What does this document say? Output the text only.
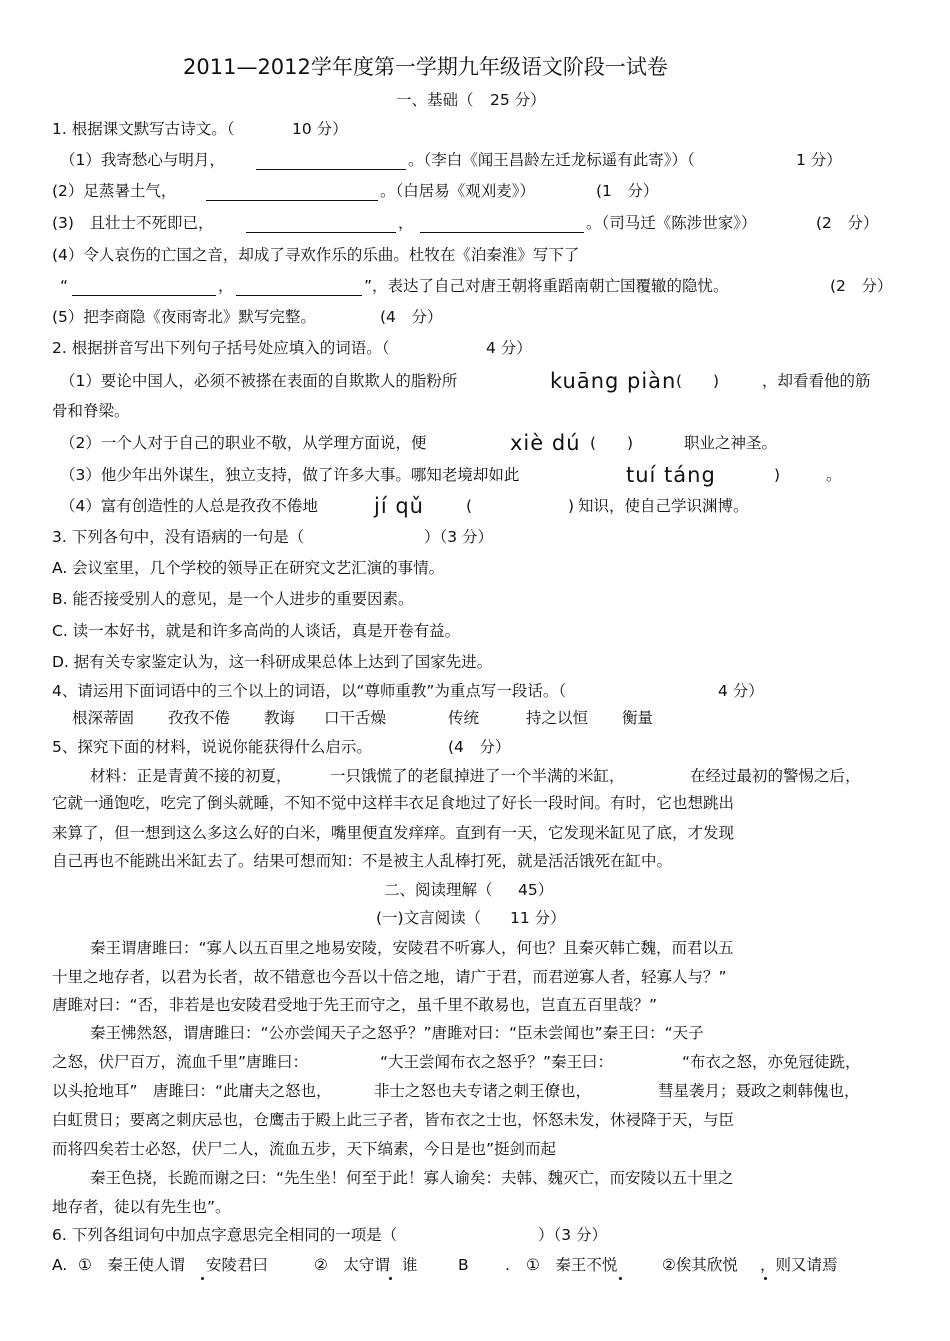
2011—2012学年度第一学期九年级语文阶段一试卷
一、基础（ 25 分）
1. 根据课文默写古诗文。（	10 分）
（1）我寄愁心与明月，	。（李白《闻王昌龄左迁龙标遥有此寄》）（	1 分）
(2）足蒸暑土气，	。（白居易《观刈麦》）	(1　分）
(3)　且壮士不死即已，	，	。（司马迁《陈涉世家》）	(2　分）
(4）令人哀伤的亡国之音，却成了寻欢作乐的乐曲。杜牧在《泊秦淮》写下了
“	，	”，表达了自己对唐王朝将重蹈南朝亡国覆辙的隐忧。	(2　分）
(5）把李商隐《夜雨寄北》默写完整。	(4　分）
2. 根据拼音写出下列句子括号处应填入的词语。（	4 分）
（1）要论中国人，必须不被搽在表面的自欺欺人的脂粉所	kuāng piàn (　　)	，却看看他的筋
骨和脊梁。
（2）一个人对于自己的职业不敬，从学理方面说，便	xiè dú (　　)	职业之神圣。
（3）他少年出外谋生，独立支持，做了许多大事。哪知老境却如此	tuí táng	)	。
（4）富有创造性的人总是孜孜不倦地	jí qǔ	(	) 知识，使自己学识渊博。
3. 下列各句中，没有语病的一句是（	）（3 分）
A. 会议室里，几个学校的领导正在研究文艺汇演的事情。
B. 能否接受别人的意见，是一个人进步的重要因素。
C. 读一本好书，就是和许多高尚的人谈话，真是开卷有益。
D. 据有关专家鉴定认为，这一科研成果总体上达到了国家先进。
4、请运用下面词语中的三个以上的词语，以“尊师重教”为重点写一段话。（	4 分）
根深蒂固 孜孜不倦 教诲 口干舌燥	传统	持之以恒 衡量
5、探究下面的材料，说说你能获得什么启示。	(4　分）
材料：正是青黄不接的初夏， 一只饿慌了的老鼠掉进了一个半满的米缸，	在经过最初的警惕之后，
它就一通饱吃，吃完了倒头就睡，不知不觉中这样丰衣足食地过了好长一段时间。有时，它也想跳出
来算了，但一想到这么多这么好的白米，嘴里便直发痒痒。直到有一天，它发现米缸见了底，才发现
自己再也不能跳出米缸去了。结果可想而知：不是被主人乱棒打死，就是活活饿死在缸中。
二、阅读理解（ 45）
(一)文言阅读（ 11 分）
秦王谓唐雎曰：“寡人以五百里之地易安陵，安陵君不听寡人，何也？且秦灭韩亡魏，而君以五
十里之地存者，以君为长者，故不错意也今吾以十倍之地，请广于君，而君逆寡人者，轻寡人与？”
唐雎对曰：“否，非若是也安陵君受地于先王而守之，虽千里不敢易也，岂直五百里哉？”
秦王怫然怒，谓唐雎曰：“公亦尝闻天子之怒乎？”唐雎对曰：“臣未尝闻也”秦王曰：“天子
之怒，伏尸百万，流血千里”唐雎曰：	“大王尝闻布衣之怒乎？”秦王曰：	“布衣之怒，亦免冠徒跣，
以头抢地耳”　唐雎曰：“此庸夫之怒也，	非士之怒也夫专诸之刺王僚也，	彗星袭月；聂政之刺韩傀也，
白虹贯日；要离之刺庆忌也，仓鹰击于殿上此三子者，皆布衣之士也，怀怒未发，休祲降于天，与臣
而将四矣若士必怒，伏尸二人，流血五步，天下缟素，今日是也”挺剑而起
秦王色挠，长跪而谢之曰：“先生坐！何至于此！寡人谕矣：夫韩、魏灭亡，而安陵以五十里之
地存者，徒以有先生也”。
6. 下列各组词句中加点字意思完全相同的一项是（	）（3 分）
A. ①　秦王使人谓 安陵君曰	②　太守谓 谁	B . ①　秦王不悦	②俟其欣悦 ，则又请焉
